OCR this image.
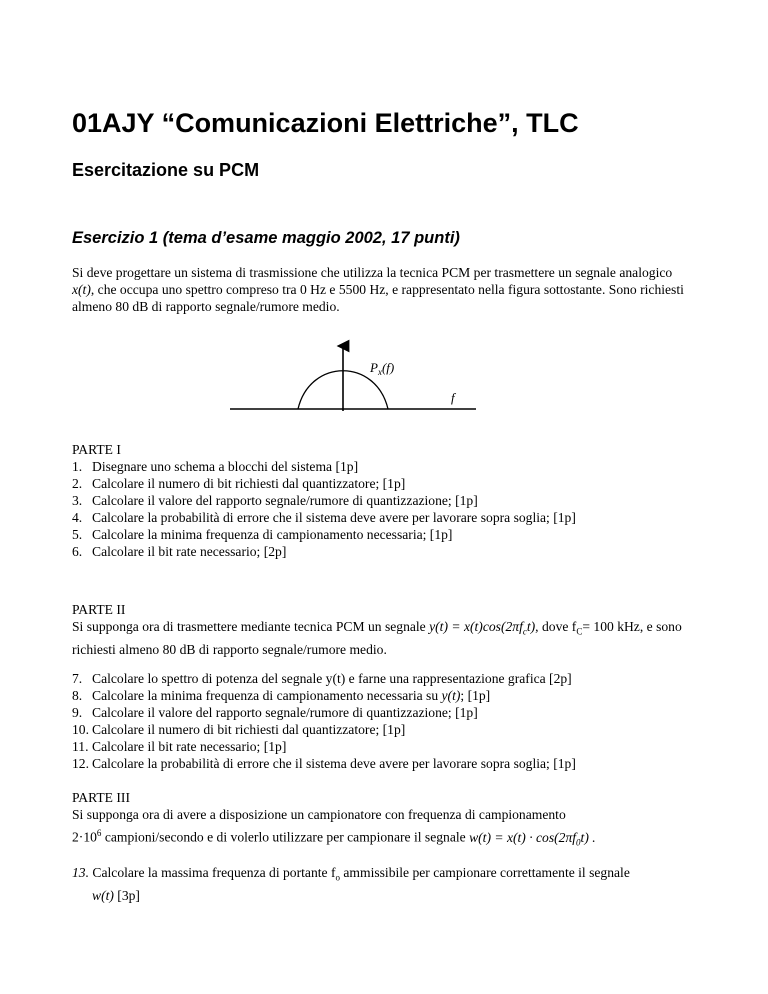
01AJY “Comunicazioni Elettriche”, TLC
Esercitazione su PCM
Esercizio 1 (tema d’esame maggio 2002, 17 punti)
Si deve progettare un sistema di trasmissione che utilizza la tecnica PCM per trasmettere un segnale analogico x(t), che occupa uno spettro compreso tra 0 Hz e 5500 Hz, e rappresentato nella figura sottostante. Sono richiesti almeno 80 dB di rapporto segnale/rumore medio.
$P_x(f)$
f
PARTE I
1. Disegnare uno schema a blocchi del sistema [1p]
2. Calcolare il numero di bit richiesti dal quantizzatore; [1p]
3. Calcolare il valore del rapporto segnale/rumore di quantizzazione; [1p]
4. Calcolare la probabilità di errore che il sistema deve avere per lavorare sopra soglia; [1p]
5. Calcolare la minima frequenza di campionamento necessaria; [1p]
6. Calcolare il bit rate necessario; [2p]
PARTE II
Si supponga ora di trasmettere mediante tecnica PCM un segnale $y(t) = x(t)\cos(2\pi f_ct)$, dove $f_C= 100$ kHz, e sono richiesti almeno 80 dB di rapporto segnale/rumore medio.
7. Calcolare lo spettro di potenza del segnale y(t) e farne una rappresentazione grafica [2p]
8. Calcolare la minima frequenza di campionamento necessaria su y(t); [1p]
9. Calcolare il valore del rapporto segnale/rumore di quantizzazione; [1p]
10. Calcolare il numero di bit richiesti dal quantizzatore; [1p]
11. Calcolare il bit rate necessario; [1p]
12. Calcolare la probabilità di errore che il sistema deve avere per lavorare sopra soglia; [1p]
PARTE III
Si supponga ora di avere a disposizione un campionatore con frequenza di campionamento
$2\cdot 10^6$ campioni/secondo e di volerlo utilizzare per campionare il segnale $w(t) = x(t) \cdot \cos(2\pi f_0t)$ .
13. Calcolare la massima frequenza di portante $f_o$ ammissibile per campionare correttamente il segnale
w(t) [3p]
